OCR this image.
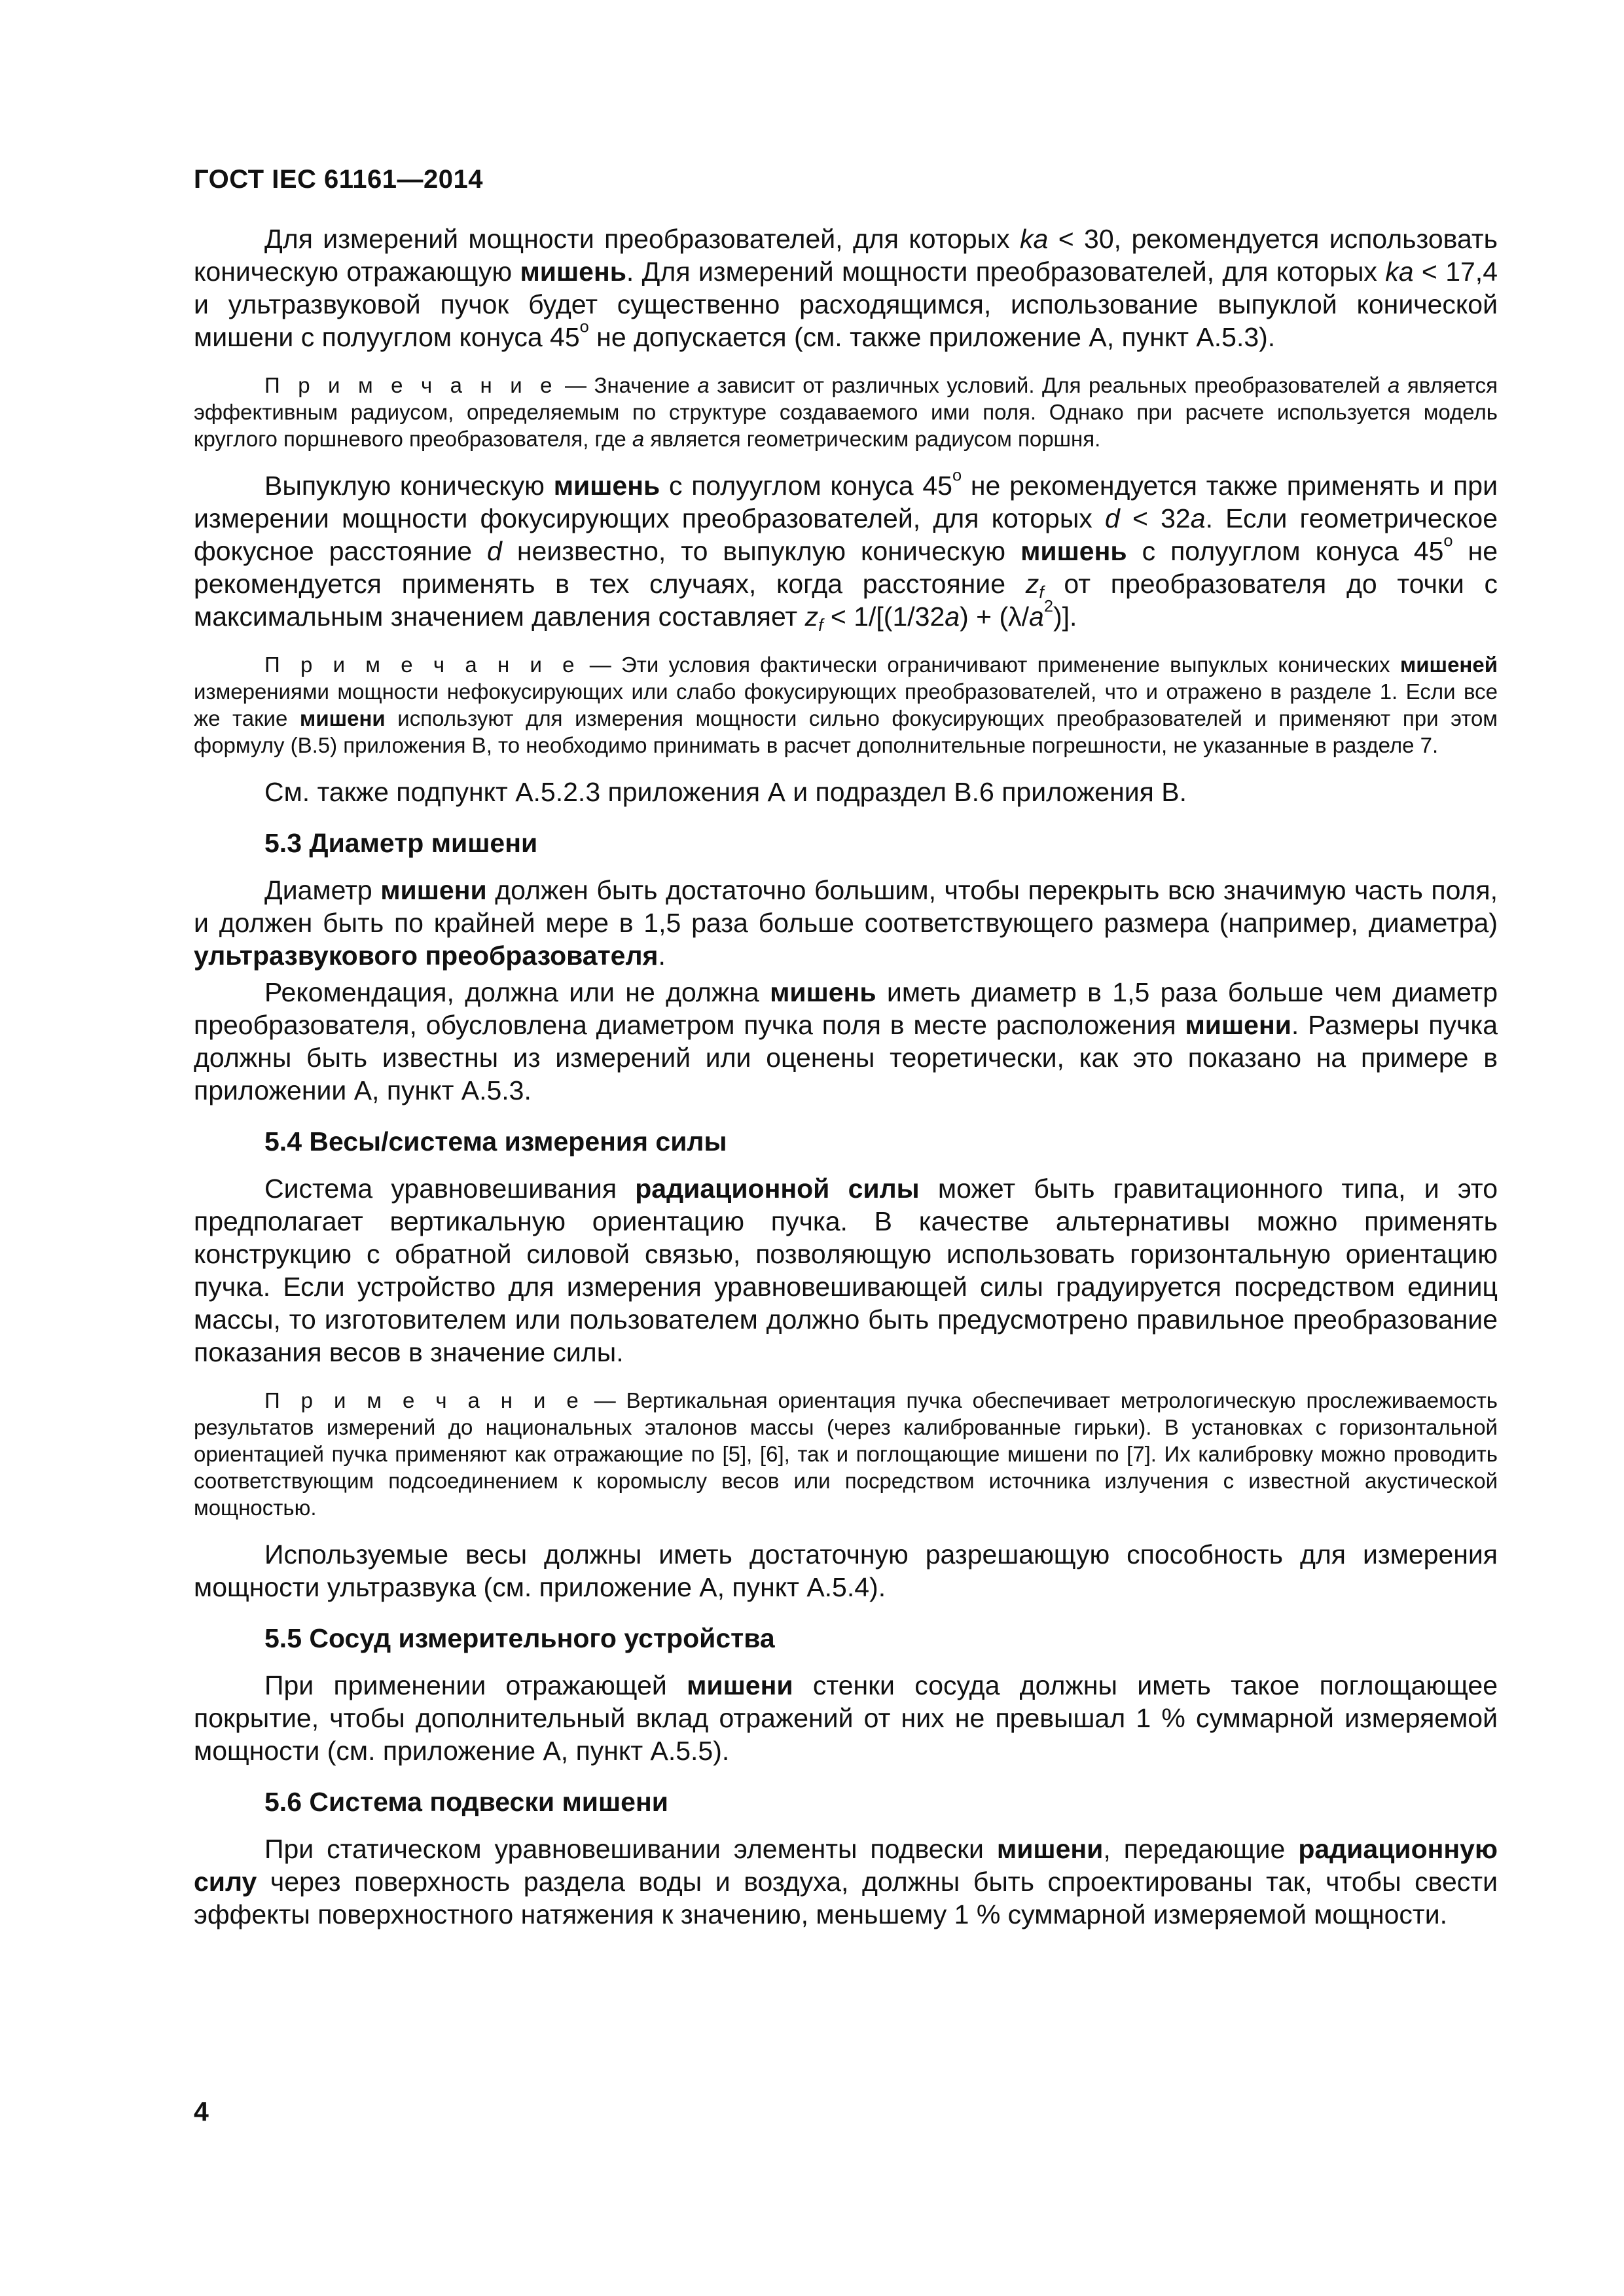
ГОСТ IEC 61161—2014

Для измерений мощности преобразователей, для которых ka < 30, рекомендуется использовать коническую отражающую мишень. Для измерений мощности преобразователей, для которых ka < 17,4 и ультразвуковой пучок будет существенно расходящимся, использование выпуклой конической мишени с полууглом конуса 45$^o$ не допускается (см. также приложение А, пункт А.5.3).

П р и м е ч а н и е — Значение a зависит от различных условий. Для реальных преобразователей a является эффективным радиусом, определяемым по структуре создаваемого ими поля. Однако при расчете используется модель круглого поршневого преобразователя, где a является геометрическим радиусом поршня.

Выпуклую коническую мишень с полууглом конуса 45$^o$ не рекомендуется также применять и при измерении мощности фокусирующих преобразователей, для которых d < 32a. Если геометрическое фокусное расстояние d неизвестно, то выпуклую коническую мишень с полууглом конуса 45$^o$ не рекомендуется применять в тех случаях, когда расстояние $z_f$ от преобразователя до точки с максимальным значением давления составляет $z_f < 1/[(1/32a) + (\lambda/a^2)]$.

П р и м е ч а н и е — Эти условия фактически ограничивают применение выпуклых конических мишеней измерениями мощности нефокусирующих или слабо фокусирующих преобразователей, что и отражено в разделе 1. Если все же такие мишени используют для измерения мощности сильно фокусирующих преобразователей и применяют при этом формулу (В.5) приложения В, то необходимо принимать в расчет дополнительные погрешности, не указанные в разделе 7.

См. также подпункт А.5.2.3 приложения А и подраздел В.6 приложения В.

5.3 Диаметр мишени

Диаметр мишени должен быть достаточно большим, чтобы перекрыть всю значимую часть поля, и должен быть по крайней мере в 1,5 раза больше соответствующего размера (например, диаметра) ультразвукового преобразователя.

Рекомендация, должна или не должна мишень иметь диаметр в 1,5 раза больше чем диаметр преобразователя, обусловлена диаметром пучка поля в месте расположения мишени. Размеры пучка должны быть известны из измерений или оценены теоретически, как это показано на примере в приложении А, пункт А.5.3.

5.4 Весы/система измерения силы

Система уравновешивания радиационной силы может быть гравитационного типа, и это предполагает вертикальную ориентацию пучка. В качестве альтернативы можно применять конструкцию с обратной силовой связью, позволяющую использовать горизонтальную ориентацию пучка. Если устройство для измерения уравновешивающей силы градуируется посредством единиц массы, то изготовителем или пользователем должно быть предусмотрено правильное преобразование показания весов в значение силы.

П р и м е ч а н и е — Вертикальная ориентация пучка обеспечивает метрологическую прослеживаемость результатов измерений до национальных эталонов массы (через калиброванные гирьки). В установках с горизонтальной ориентацией пучка применяют как отражающие по [5], [6], так и поглощающие мишени по [7]. Их калибровку можно проводить соответствующим подсоединением к коромыслу весов или посредством источника излучения с известной акустической мощностью.

Используемые весы должны иметь достаточную разрешающую способность для измерения мощности ультразвука (см. приложение А, пункт А.5.4).

5.5 Сосуд измерительного устройства

При применении отражающей мишени стенки сосуда должны иметь такое поглощающее покрытие, чтобы дополнительный вклад отражений от них не превышал 1 % суммарной измеряемой мощности (см. приложение А, пункт А.5.5).

5.6 Система подвески мишени

При статическом уравновешивании элементы подвески мишени, передающие радиационную силу через поверхность раздела воды и воздуха, должны быть спроектированы так, чтобы свести эффекты поверхностного натяжения к значению, меньшему 1 % суммарной измеряемой мощности.

4
